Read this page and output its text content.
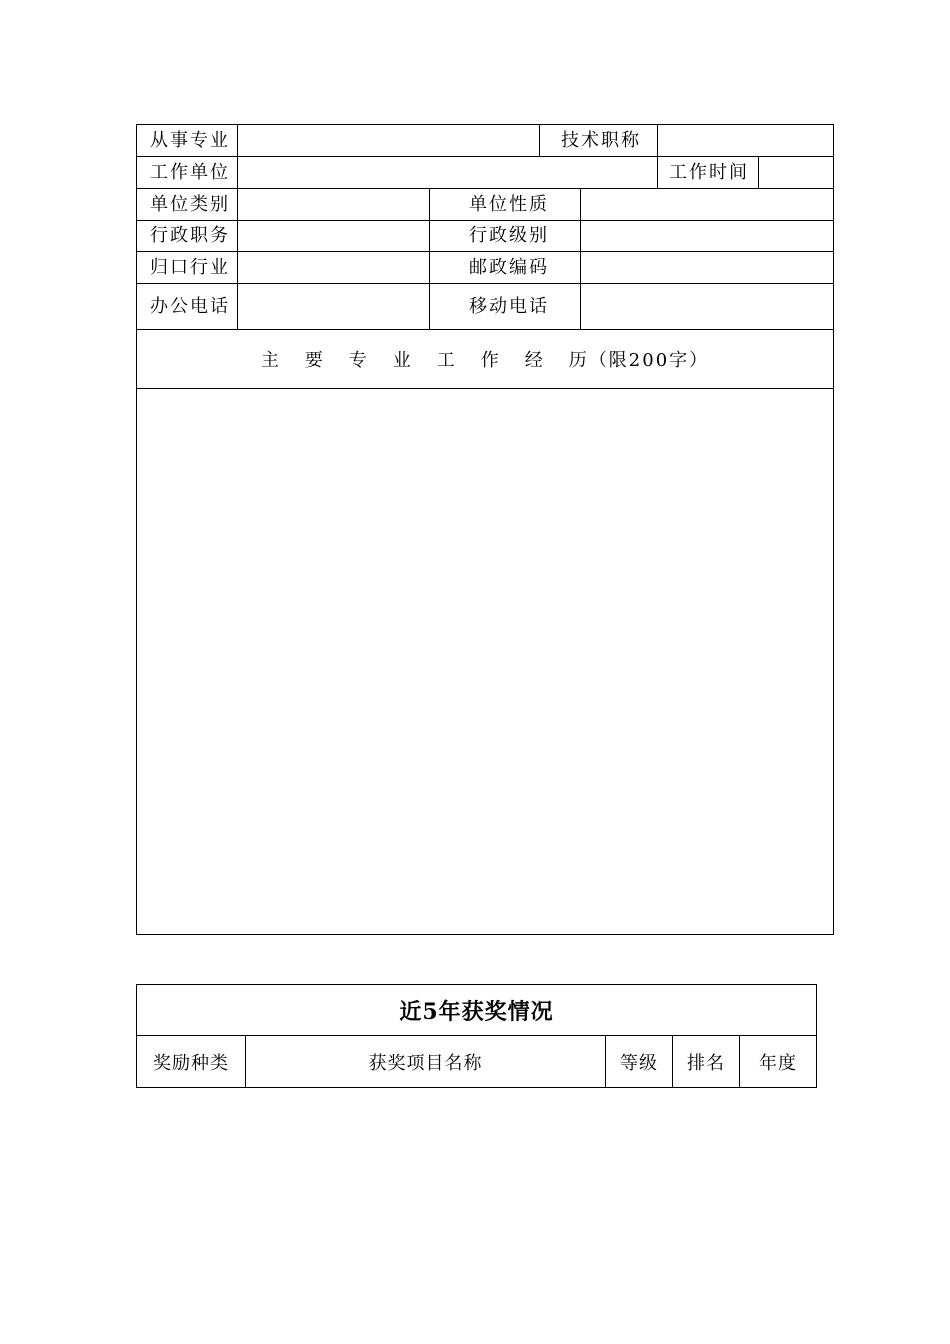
从事专业	技术职称
工作单位	工作时间
单位类别	单位性质
行政职务	行政级别
归口行业	邮政编码
办公电话	移动电话
主要专业工作经历
（限200字）
近5年获奖情况
奖励种类	获奖项目名称	等级 排名 年度
